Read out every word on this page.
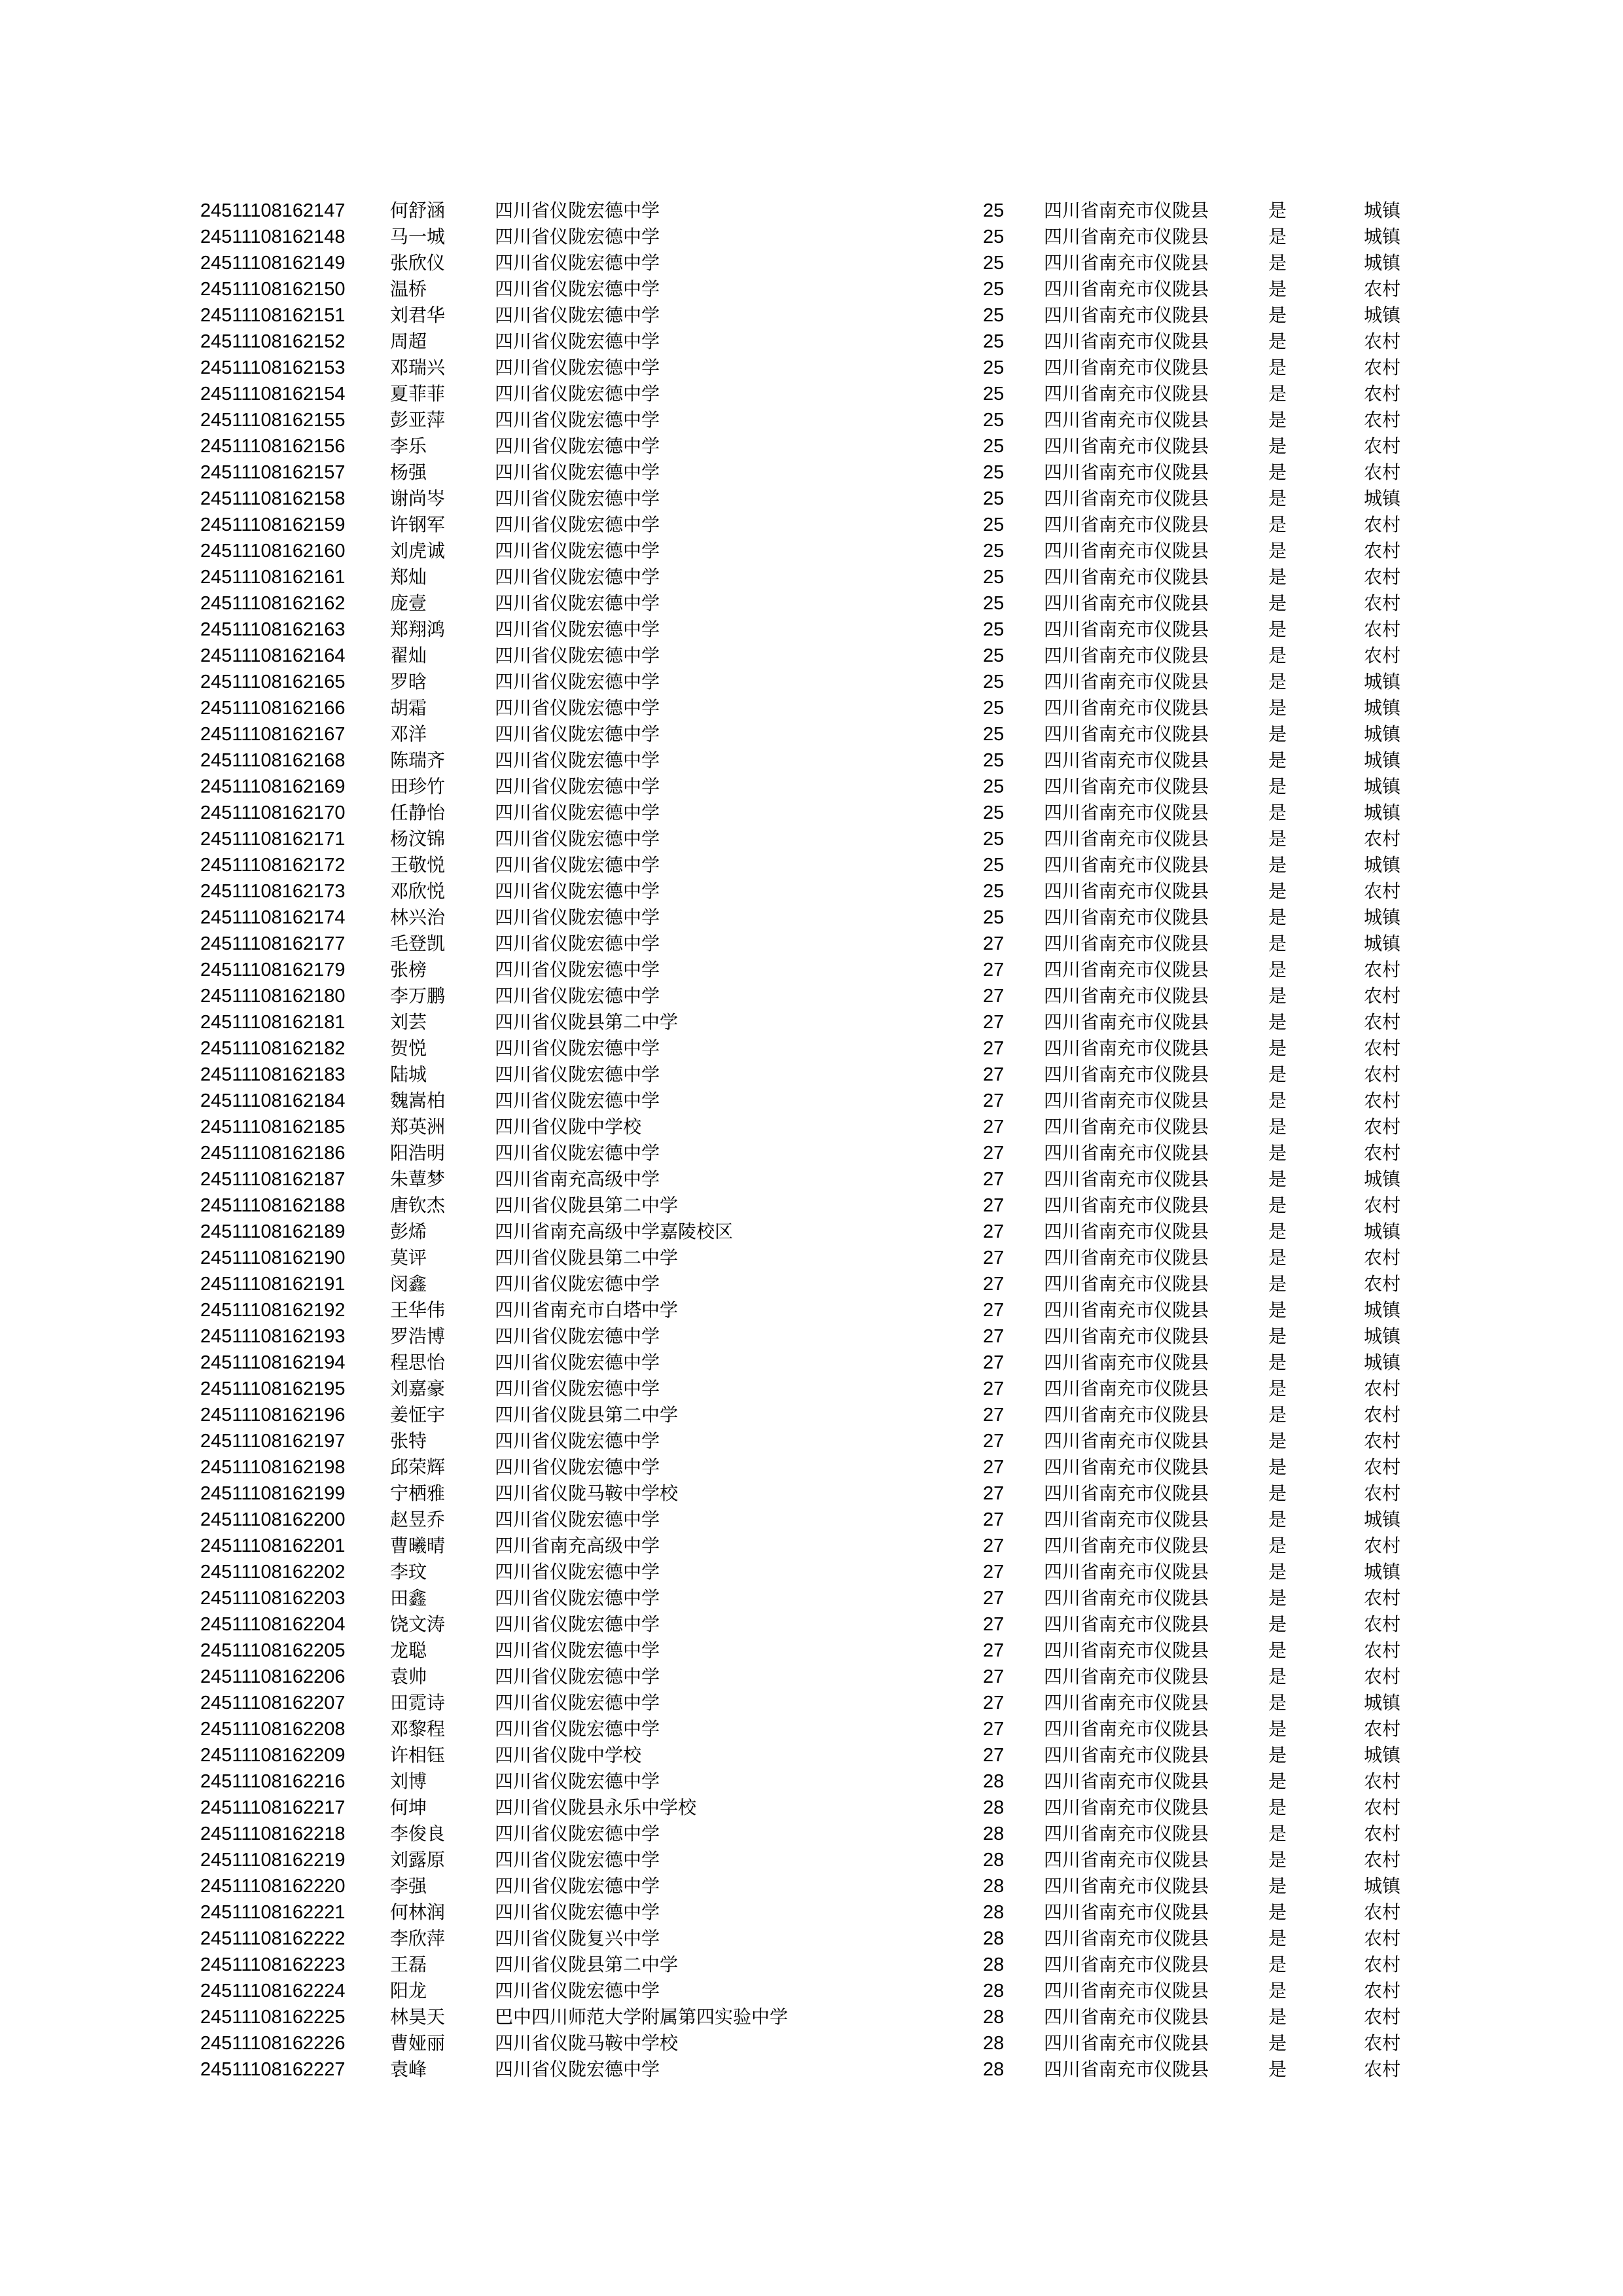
24511108162147 何舒涵	四川省仪陇宏德中学	25 四川省南充市仪陇县	是	城镇
24511108162148 马一城	四川省仪陇宏德中学	25 四川省南充市仪陇县	是	城镇
24511108162149 张欣仪	四川省仪陇宏德中学	25 四川省南充市仪陇县	是	城镇
24511108162150 温桥	四川省仪陇宏德中学	25 四川省南充市仪陇县	是	农村
24511108162151 刘君华	四川省仪陇宏德中学	25 四川省南充市仪陇县	是	城镇
24511108162152 周超	四川省仪陇宏德中学	25 四川省南充市仪陇县	是	农村
24511108162153 邓瑞兴	四川省仪陇宏德中学	25 四川省南充市仪陇县	是	农村
24511108162154 夏菲菲	四川省仪陇宏德中学	25 四川省南充市仪陇县	是	农村
24511108162155 彭亚萍	四川省仪陇宏德中学	25 四川省南充市仪陇县	是	农村
24511108162156 李乐	四川省仪陇宏德中学	25 四川省南充市仪陇县	是	农村
24511108162157 杨强	四川省仪陇宏德中学	25 四川省南充市仪陇县	是	农村
24511108162158 谢尚岑	四川省仪陇宏德中学	25 四川省南充市仪陇县	是	城镇
24511108162159 许钢军	四川省仪陇宏德中学	25 四川省南充市仪陇县	是	农村
24511108162160 刘虎诚	四川省仪陇宏德中学	25 四川省南充市仪陇县	是	农村
24511108162161 郑灿	四川省仪陇宏德中学	25 四川省南充市仪陇县	是	农村
24511108162162 庞壹	四川省仪陇宏德中学	25 四川省南充市仪陇县	是	农村
24511108162163 郑翔鸿	四川省仪陇宏德中学	25 四川省南充市仪陇县	是	农村
24511108162164 翟灿	四川省仪陇宏德中学	25 四川省南充市仪陇县	是	农村
24511108162165 罗晗	四川省仪陇宏德中学	25 四川省南充市仪陇县	是	城镇
24511108162166 胡霜	四川省仪陇宏德中学	25 四川省南充市仪陇县	是	城镇
24511108162167 邓洋	四川省仪陇宏德中学	25 四川省南充市仪陇县	是	城镇
24511108162168 陈瑞齐	四川省仪陇宏德中学	25 四川省南充市仪陇县	是	城镇
24511108162169 田珍竹	四川省仪陇宏德中学	25 四川省南充市仪陇县	是	城镇
24511108162170 任静怡	四川省仪陇宏德中学	25 四川省南充市仪陇县	是	城镇
24511108162171 杨汶锦	四川省仪陇宏德中学	25 四川省南充市仪陇县	是	农村
24511108162172 王敬悦	四川省仪陇宏德中学	25 四川省南充市仪陇县	是	城镇
24511108162173 邓欣悦	四川省仪陇宏德中学	25 四川省南充市仪陇县	是	农村
24511108162174 林兴治	四川省仪陇宏德中学	25 四川省南充市仪陇县	是	城镇
24511108162177 毛登凯	四川省仪陇宏德中学	27 四川省南充市仪陇县	是	城镇
24511108162179 张榜	四川省仪陇宏德中学	27 四川省南充市仪陇县	是	农村
24511108162180 李万鹏	四川省仪陇宏德中学	27 四川省南充市仪陇县	是	农村
24511108162181 刘芸	四川省仪陇县第二中学	27 四川省南充市仪陇县	是	农村
24511108162182 贺悦	四川省仪陇宏德中学	27 四川省南充市仪陇县	是	农村
24511108162183 陆城	四川省仪陇宏德中学	27 四川省南充市仪陇县	是	农村
24511108162184 魏嵩柏	四川省仪陇宏德中学	27 四川省南充市仪陇县	是	农村
24511108162185 郑英洲	四川省仪陇中学校	27 四川省南充市仪陇县	是	农村
24511108162186 阳浩明	四川省仪陇宏德中学	27 四川省南充市仪陇县	是	农村
24511108162187 朱蕈梦	四川省南充高级中学	27 四川省南充市仪陇县	是	城镇
24511108162188 唐钦杰	四川省仪陇县第二中学	27 四川省南充市仪陇县	是	农村
24511108162189 彭烯	四川省南充高级中学嘉陵校区	27 四川省南充市仪陇县	是	城镇
24511108162190 莫评	四川省仪陇县第二中学	27 四川省南充市仪陇县	是	农村
24511108162191 闵鑫	四川省仪陇宏德中学	27 四川省南充市仪陇县	是	农村
24511108162192 王华伟	四川省南充市白塔中学	27 四川省南充市仪陇县	是	城镇
24511108162193 罗浩博	四川省仪陇宏德中学	27 四川省南充市仪陇县	是	城镇
24511108162194 程思怡	四川省仪陇宏德中学	27 四川省南充市仪陇县	是	城镇
24511108162195 刘嘉豪	四川省仪陇宏德中学	27 四川省南充市仪陇县	是	农村
24511108162196 姜怔宇	四川省仪陇县第二中学	27 四川省南充市仪陇县	是	农村
24511108162197 张特	四川省仪陇宏德中学	27 四川省南充市仪陇县	是	农村
24511108162198 邱荣辉	四川省仪陇宏德中学	27 四川省南充市仪陇县	是	农村
24511108162199 宁栖雅	四川省仪陇马鞍中学校	27 四川省南充市仪陇县	是	农村
24511108162200 赵昱乔	四川省仪陇宏德中学	27 四川省南充市仪陇县	是	城镇
24511108162201 曹曦晴	四川省南充高级中学	27 四川省南充市仪陇县	是	农村
24511108162202 李玟	四川省仪陇宏德中学	27 四川省南充市仪陇县	是	城镇
24511108162203 田鑫	四川省仪陇宏德中学	27 四川省南充市仪陇县	是	农村
24511108162204 饶文涛	四川省仪陇宏德中学	27 四川省南充市仪陇县	是	农村
24511108162205 龙聪	四川省仪陇宏德中学	27 四川省南充市仪陇县	是	农村
24511108162206 袁帅	四川省仪陇宏德中学	27 四川省南充市仪陇县	是	农村
24511108162207 田霓诗	四川省仪陇宏德中学	27 四川省南充市仪陇县	是	城镇
24511108162208 邓黎程	四川省仪陇宏德中学	27 四川省南充市仪陇县	是	农村
24511108162209 许相钰	四川省仪陇中学校	27 四川省南充市仪陇县	是	城镇
24511108162216 刘博	四川省仪陇宏德中学	28 四川省南充市仪陇县	是	农村
24511108162217 何坤	四川省仪陇县永乐中学校	28 四川省南充市仪陇县	是	农村
24511108162218 李俊良	四川省仪陇宏德中学	28 四川省南充市仪陇县	是	农村
24511108162219 刘露原	四川省仪陇宏德中学	28 四川省南充市仪陇县	是	农村
24511108162220 李强	四川省仪陇宏德中学	28 四川省南充市仪陇县	是	城镇
24511108162221 何林润	四川省仪陇宏德中学	28 四川省南充市仪陇县	是	农村
24511108162222 李欣萍	四川省仪陇复兴中学	28 四川省南充市仪陇县	是	农村
24511108162223 王磊	四川省仪陇县第二中学	28 四川省南充市仪陇县	是	农村
24511108162224 阳龙	四川省仪陇宏德中学	28 四川省南充市仪陇县	是	农村
24511108162225 林昊天	巴中四川师范大学附属第四实验中学	28 四川省南充市仪陇县	是	农村
24511108162226 曹娅丽	四川省仪陇马鞍中学校	28 四川省南充市仪陇县	是	农村
24511108162227 袁峰	四川省仪陇宏德中学	28 四川省南充市仪陇县	是	农村
